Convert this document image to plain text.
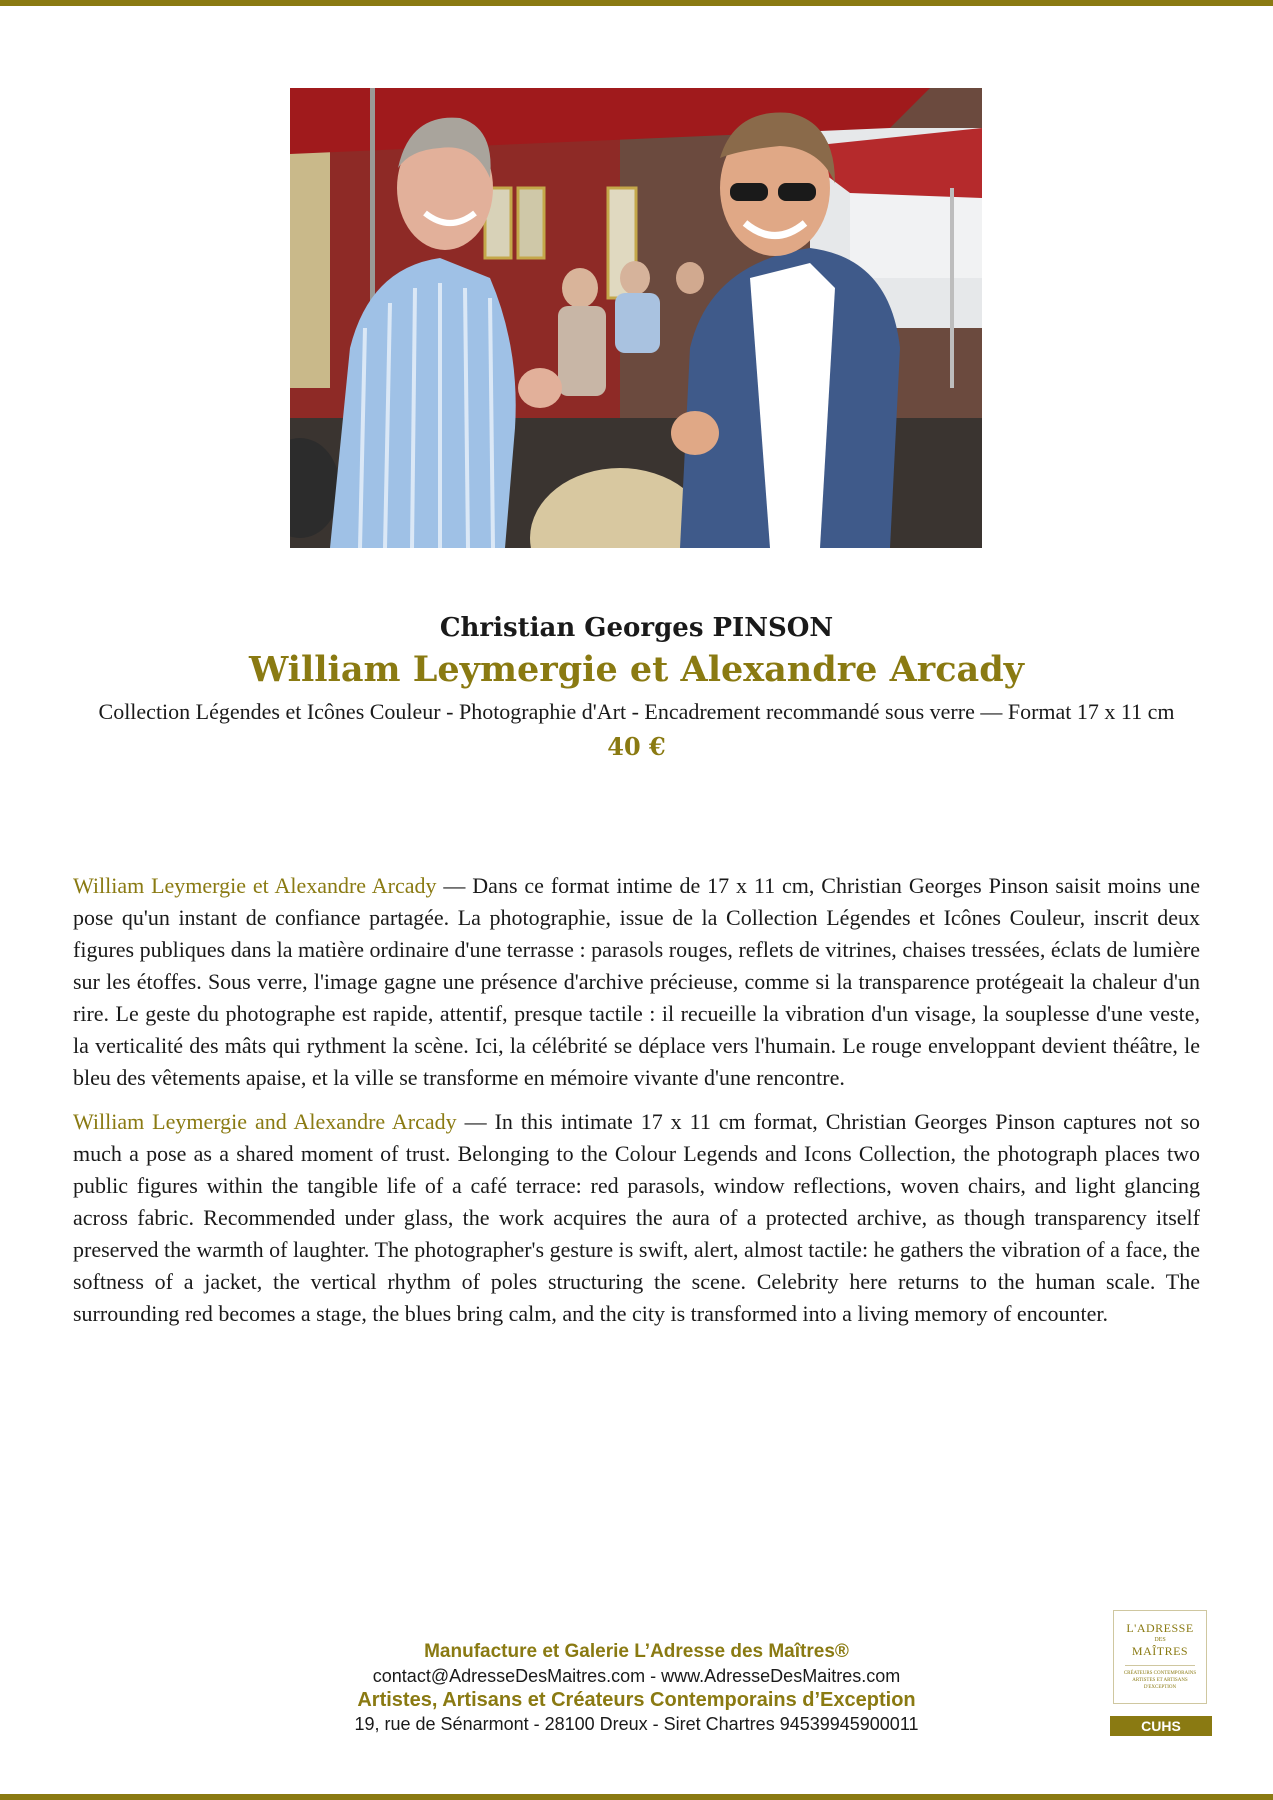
Christian Georges PINSON
William Leymergie et Alexandre Arcady
Collection Légendes et Icônes Couleur - Photographie d'Art - Encadrement recommandé sous verre — Format 17 x 11 cm
40 €

William Leymergie et Alexandre Arcady — Dans ce format intime de 17 x 11 cm, Christian Georges Pinson saisit moins une pose qu'un instant de confiance partagée. La photographie, issue de la Collection Légendes et Icônes Couleur, inscrit deux figures publiques dans la matière ordinaire d'une terrasse : parasols rouges, reflets de vitrines, chaises tressées, éclats de lumière sur les étoffes. Sous verre, l'image gagne une présence d'archive précieuse, comme si la transparence protégeait la chaleur d'un rire. Le geste du photographe est rapide, attentif, presque tactile : il recueille la vibration d'un visage, la souplesse d'une veste, la verticalité des mâts qui rythment la scène. Ici, la célébrité se déplace vers l'humain. Le rouge enveloppant devient théâtre, le bleu des vêtements apaise, et la ville se transforme en mémoire vivante d'une rencontre.

William Leymergie and Alexandre Arcady — In this intimate 17 x 11 cm format, Christian Georges Pinson captures not so much a pose as a shared moment of trust. Belonging to the Colour Legends and Icons Collection, the photograph places two public figures within the tangible life of a café terrace: red parasols, window reflections, woven chairs, and light glancing across fabric. Recommended under glass, the work acquires the aura of a protected archive, as though transparency itself preserved the warmth of laughter. The photographer's gesture is swift, alert, almost tactile: he gathers the vibration of a face, the softness of a jacket, the vertical rhythm of poles structuring the scene. Celebrity here returns to the human scale. The surrounding red becomes a stage, the blues bring calm, and the city is transformed into a living memory of encounter.

Manufacture et Galerie L’Adresse des Maîtres®
contact@AdresseDesMaitres.com - www.AdresseDesMaitres.com
Artistes, Artisans et Créateurs Contemporains d’Exception
19, rue de Sénarmont - 28100 Dreux - Siret Chartres 94539945900011
L'ADRESSE
DES
MAÎTRES
CRÉATEURS CONTEMPORAINS ARTISTES ET ARTISANS D'EXCEPTION
CUHS
